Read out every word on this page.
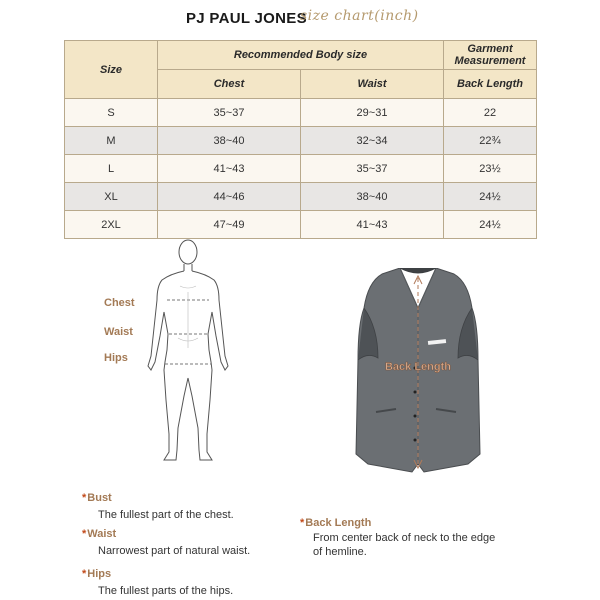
PJ PAUL JONES
size chart(inch)
Size	Recommended Body size		Garment Measurement
	Chest	Waist	Back Length
S	35~37	29~31	22
M	38~40	32~34	22¾
L	41~43	35~37	23½
XL	44~46	38~40	24½
2XL	47~49	41~43	24½
Chest
Waist
Hips
Back Length
*Bust
The fullest part of the chest.
*Waist
Narrowest part of natural waist.
*Hips
The fullest parts of the hips.
*Back Length
From center back of neck to the edge
of hemline.
